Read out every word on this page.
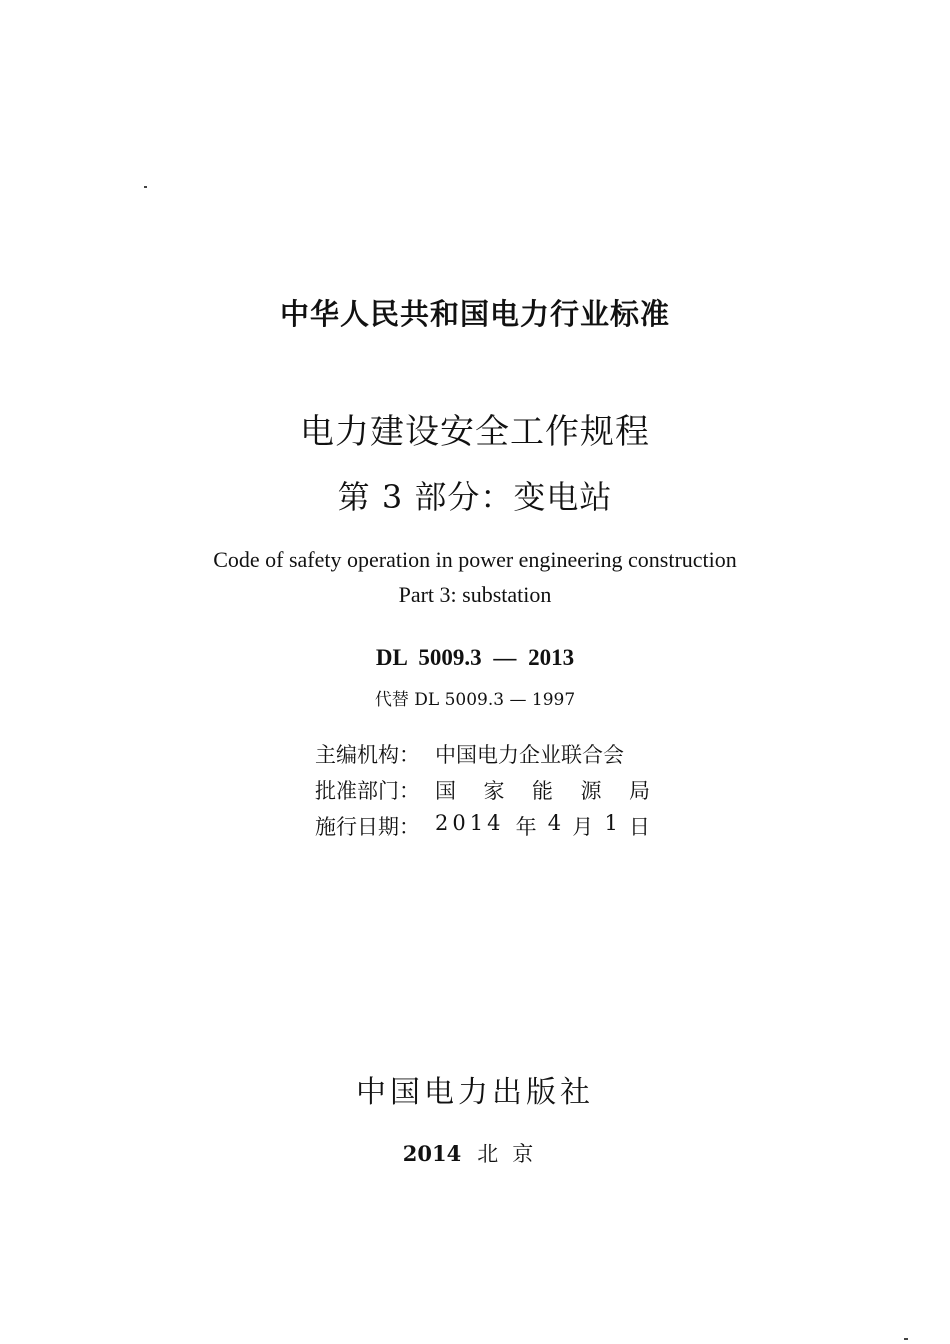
中华人民共和国电力行业标准
电力建设安全工作规程
第 3 部分：变电站
Code of safety operation in power engineering construction
Part 3: substation
DL 5009.3 — 2013
代替 DL 5009.3 — 1997
主编机构： 中国电力企业联合会
批准部门： 国 家 能 源 局
施行日期： 2014 年 4 月 1 日
中国电力出版社
2014 北京
